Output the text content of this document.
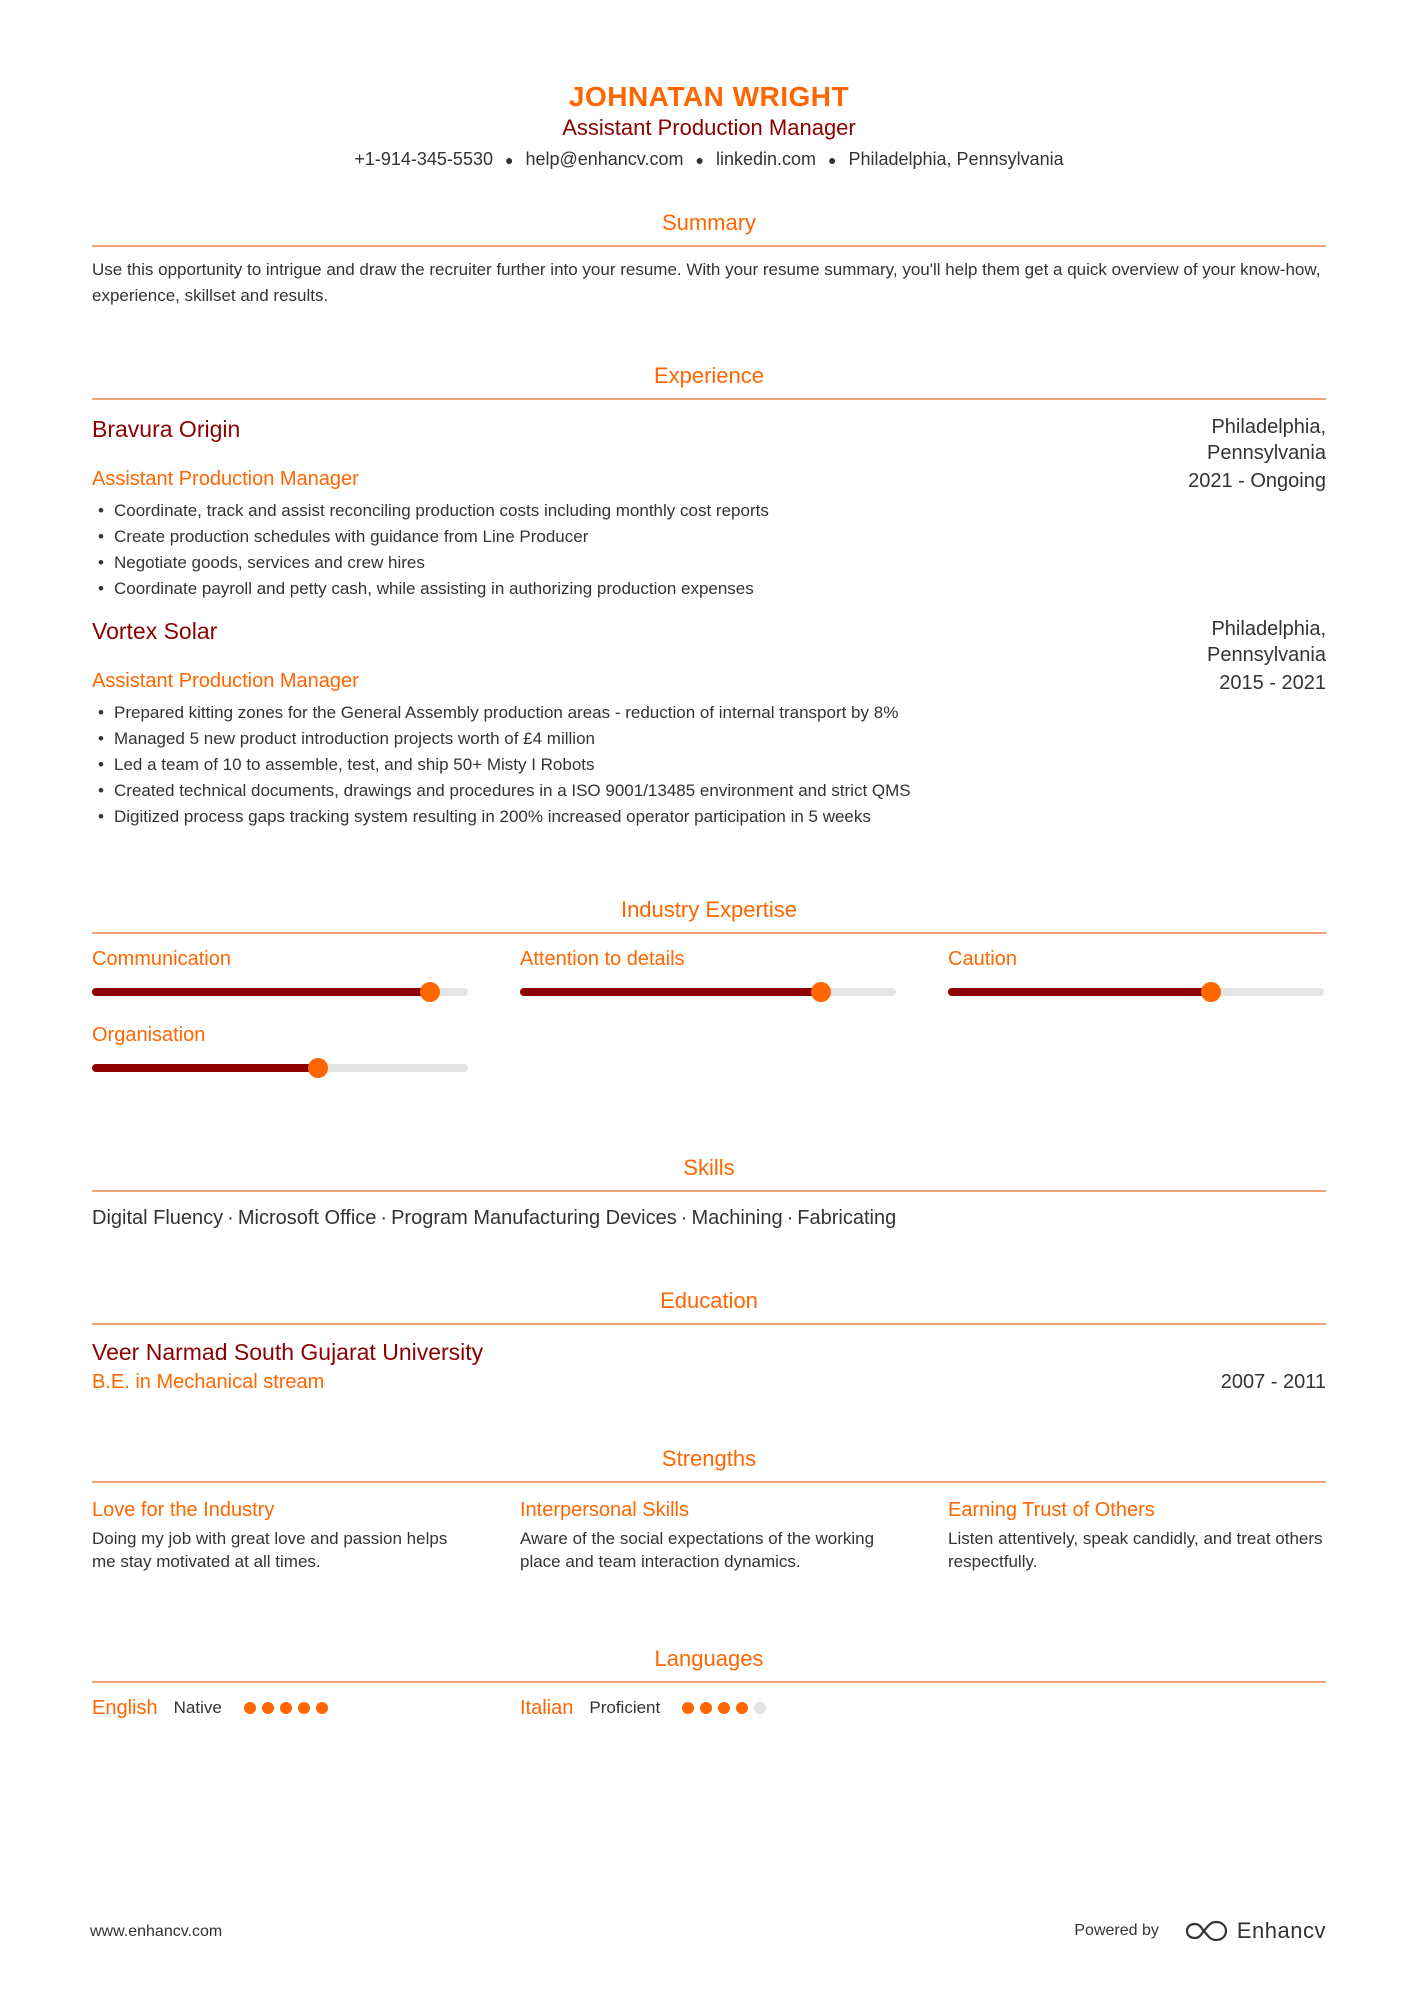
JOHNATAN WRIGHT
Assistant Production Manager
+1-914-345-5530 ● help@enhancv.com ● linkedin.com ● Philadelphia, Pennsylvania
Summary
Use this opportunity to intrigue and draw the recruiter further into your resume. With your resume summary, you'll help them get a quick overview of your know-how, experience, skillset and results.
Experience
Bravura Origin	Philadelphia,
Pennsylvania
2021 - Ongoing
Assistant Production Manager
• Coordinate, track and assist reconciling production costs including monthly cost reports
• Create production schedules with guidance from Line Producer
• Negotiate goods, services and crew hires
• Coordinate payroll and petty cash, while assisting in authorizing production expenses
Vortex Solar	Philadelphia,
Pennsylvania
2015 - 2021
Assistant Production Manager
• Prepared kitting zones for the General Assembly production areas - reduction of internal transport by 8%
• Managed 5 new product introduction projects worth of £4 million
• Led a team of 10 to assemble, test, and ship 50+ Misty I Robots
• Created technical documents, drawings and procedures in a ISO 9001/13485 environment and strict QMS
• Digitized process gaps tracking system resulting in 200% increased operator participation in 5 weeks
Industry Expertise
Communication	Attention to details	Caution
Organisation
Skills
Digital Fluency · Microsoft Office · Program Manufacturing Devices · Machining · Fabricating
Education
Veer Narmad South Gujarat University
B.E. in Mechanical stream	2007 - 2011
Strengths
Love for the Industry
Doing my job with great love and passion helps me stay motivated at all times.
Interpersonal Skills
Aware of the social expectations of the working place and team interaction dynamics.
Earning Trust of Others
Listen attentively, speak candidly, and treat others respectfully.
Languages
English Native	Italian Proficient
www.enhancv.com	Powered by	Enhancv
